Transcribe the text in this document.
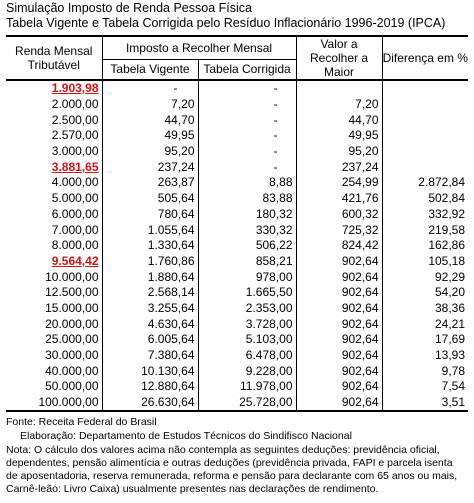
Simulação Imposto de Renda Pessoa Física
Tabela Vigente e Tabela Corrigida pelo Resíduo Inflacionário 1996-2019 (IPCA)
Renda Mensal Tributável	Imposto a Recolher Mensal		Valor a Recolher a Maior	Diferença em %
	Tabela Vigente	Tabela Corrigida		
1.903,98	-	-		
2.000,00	7,20	-	7,20	
2.500,00	44,70	-	44,70	
2.570,00	49,95	-	49,95	
3.000,00	95,20	-	95,20	
3.881,65	237,24	-	237,24	
4.000,00	263,87	8,88	254,99	2.872,84
5.000,00	505,64	83,88	421,76	502,84
6.000,00	780,64	180,32	600,32	332,92
7.000,00	1.055,64	330,32	725,32	219,58
8.000,00	1.330,64	506,22	824,42	162,86
9.564,42	1.760,86	858,21	902,64	105,18
10.000,00	1.880,64	978,00	902,64	92,29
12.500,00	2.568,14	1.665,50	902,64	54,20
15.000,00	3.255,64	2.353,00	902,64	38,36
20.000,00	4.630,64	3.728,00	902,64	24,21
25.000,00	6.005,64	5.103,00	902,64	17,69
30.000,00	7.380,64	6.478,00	902,64	13,93
40.000,00	10.130,64	9.228,00	902,64	9,78
50.000,00	12.880,64	11.978,00	902,64	7,54
100.000,00	26.630,64	25.728,00	902,64	3,51
Fonte: Receita Federal do Brasil
Elaboração: Departamento de Estudos Técnicos do Sindifisco Nacional
Nota: O cálculo dos valores acima não contempla as seguintes deduções: previdência oficial,
dependentes, pensão alimentícia e outras deduções (previdência privada, FAPI e parcela isenta
de aposentadoria, reserva remunerada, reforma e pensão para declarante com 65 anos ou mais,
Carnê-leão: Livro Caixa) usualmente presentes nas declarações de rendimento.
